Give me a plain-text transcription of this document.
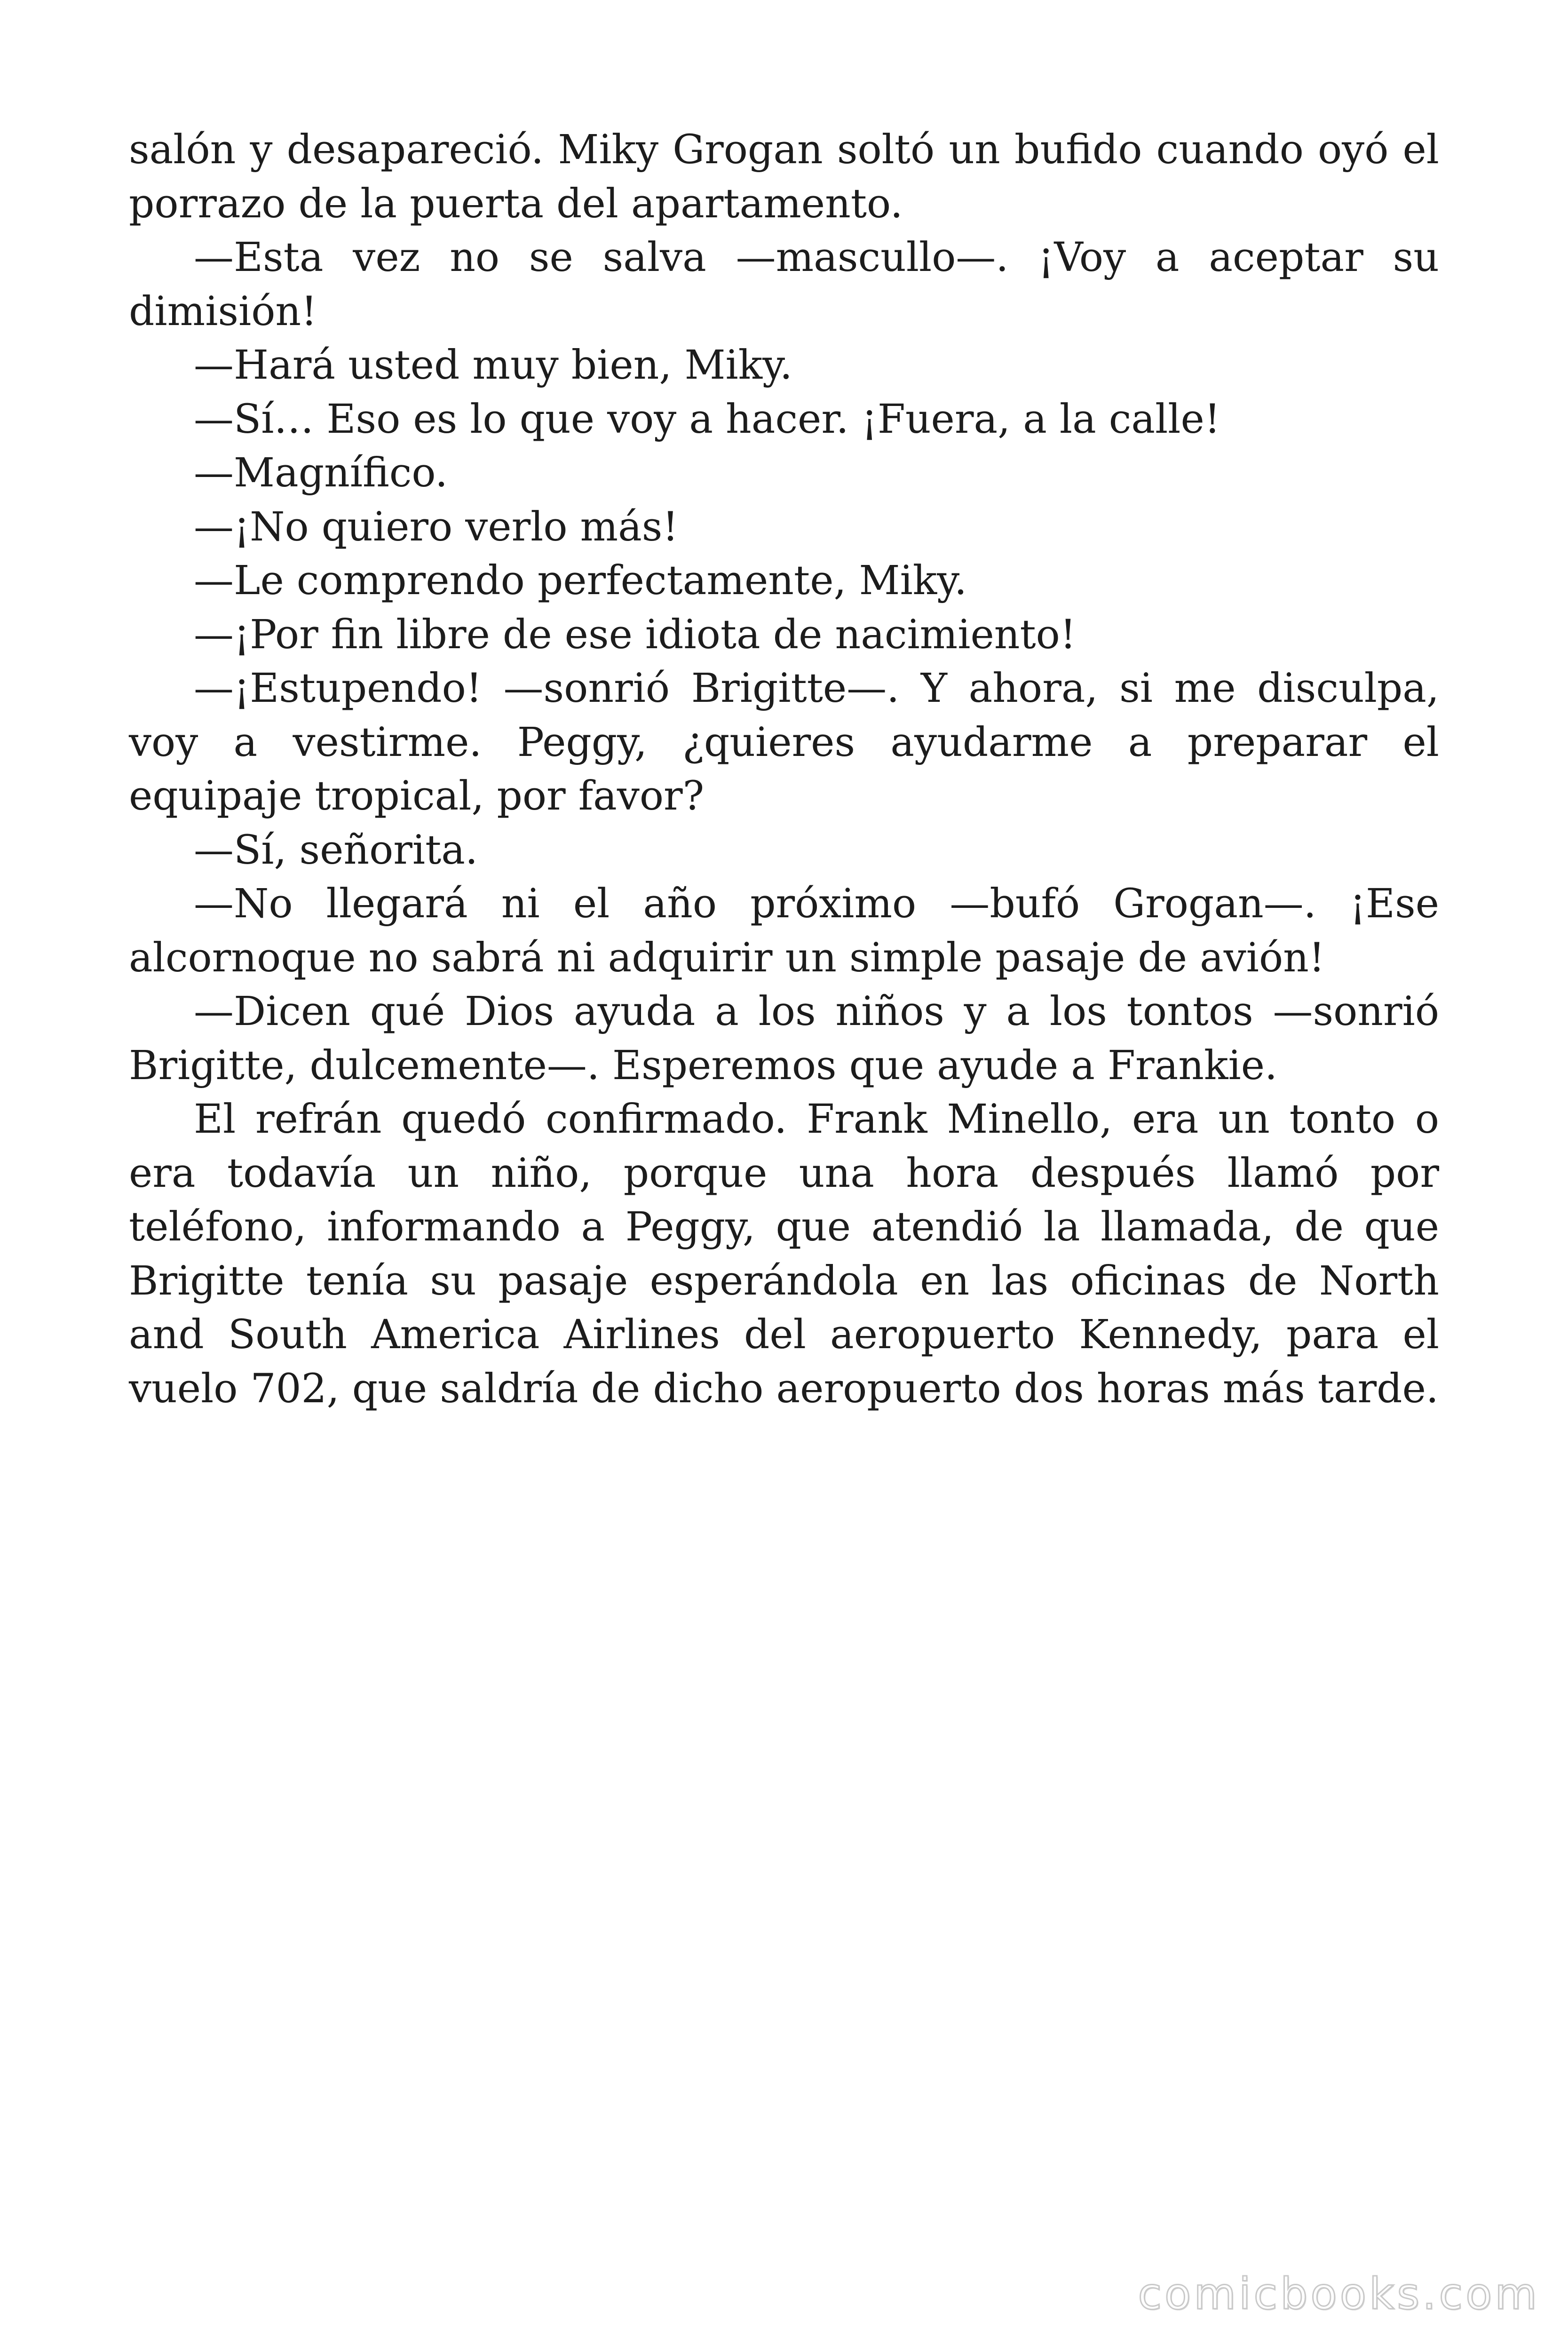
salón y desapareció. Miky Grogan soltó un bufido cuando oyó el porrazo de la puerta del apartamento.

—Esta vez no se salva —mascullo—. ¡Voy a aceptar su dimisión!

—Hará usted muy bien, Miky.

—Sí… Eso es lo que voy a hacer. ¡Fuera, a la calle!

—Magnífico.

—¡No quiero verlo más!

—Le comprendo perfectamente, Miky.

—¡Por fin libre de ese idiota de nacimiento!

—¡Estupendo! —sonrió Brigitte—. Y ahora, si me disculpa, voy a vestirme. Peggy, ¿quieres ayudarme a preparar el equipaje tropical, por favor?

—Sí, señorita.

—No llegará ni el año próximo —bufó Grogan—. ¡Ese alcornoque no sabrá ni adquirir un simple pasaje de avión!

—Dicen qué Dios ayuda a los niños y a los tontos —sonrió Brigitte, dulcemente—. Esperemos que ayude a Frankie.

El refrán quedó confirmado. Frank Minello, era un tonto o era todavía un niño, porque una hora después llamó por teléfono, informando a Peggy, que atendió la llamada, de que Brigitte tenía su pasaje esperándola en las oficinas de North and South America Airlines del aeropuerto Kennedy, para el vuelo 702, que saldría de dicho aeropuerto dos horas más tarde.

comicbooks.com
